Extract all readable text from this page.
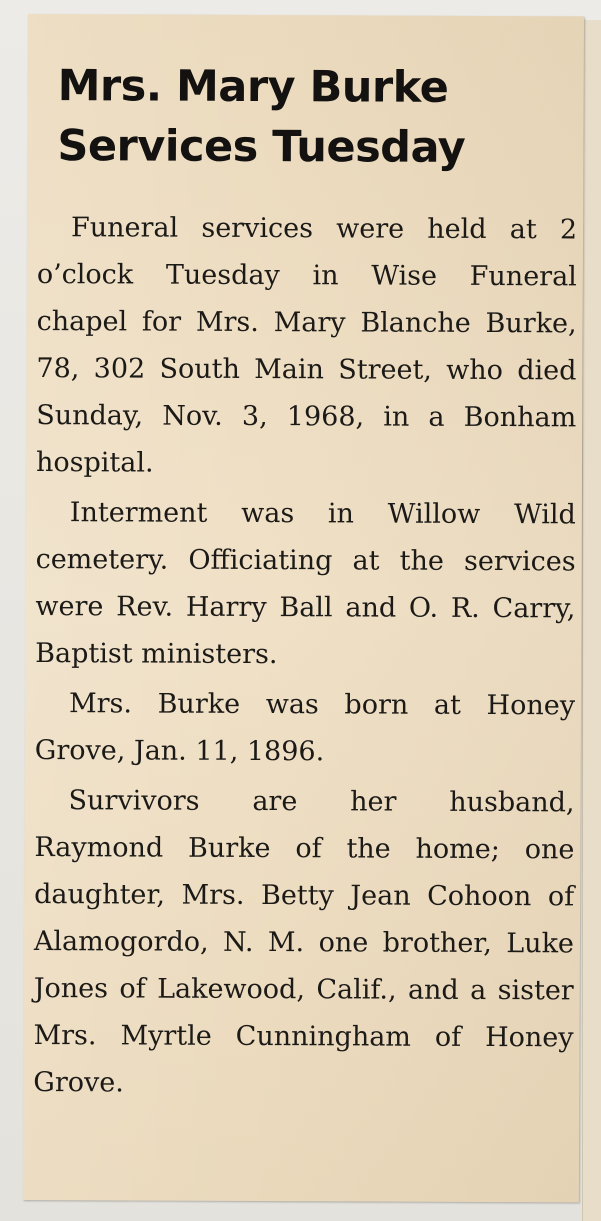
Mrs. Mary Burke
Services Tuesday

Funeral services were held at 2 o’clock Tuesday in Wise Funeral chapel for Mrs. Mary Blanche Burke, 78, 302 South Main Street, who died Sunday, Nov. 3, 1968, in a Bonham hospital.

Interment was in Willow Wild cemetery. Officiating at the services were Rev. Harry Ball and O. R. Carry, Baptist ministers.

Mrs. Burke was born at Honey Grove, Jan. 11, 1896.

Survivors are her husband, Raymond Burke of the home; one daughter, Mrs. Betty Jean Cohoon of Alamogordo, N. M. one brother, Luke Jones of Lakewood, Calif., and a sister Mrs. Myrtle Cunningham of Honey Grove.
